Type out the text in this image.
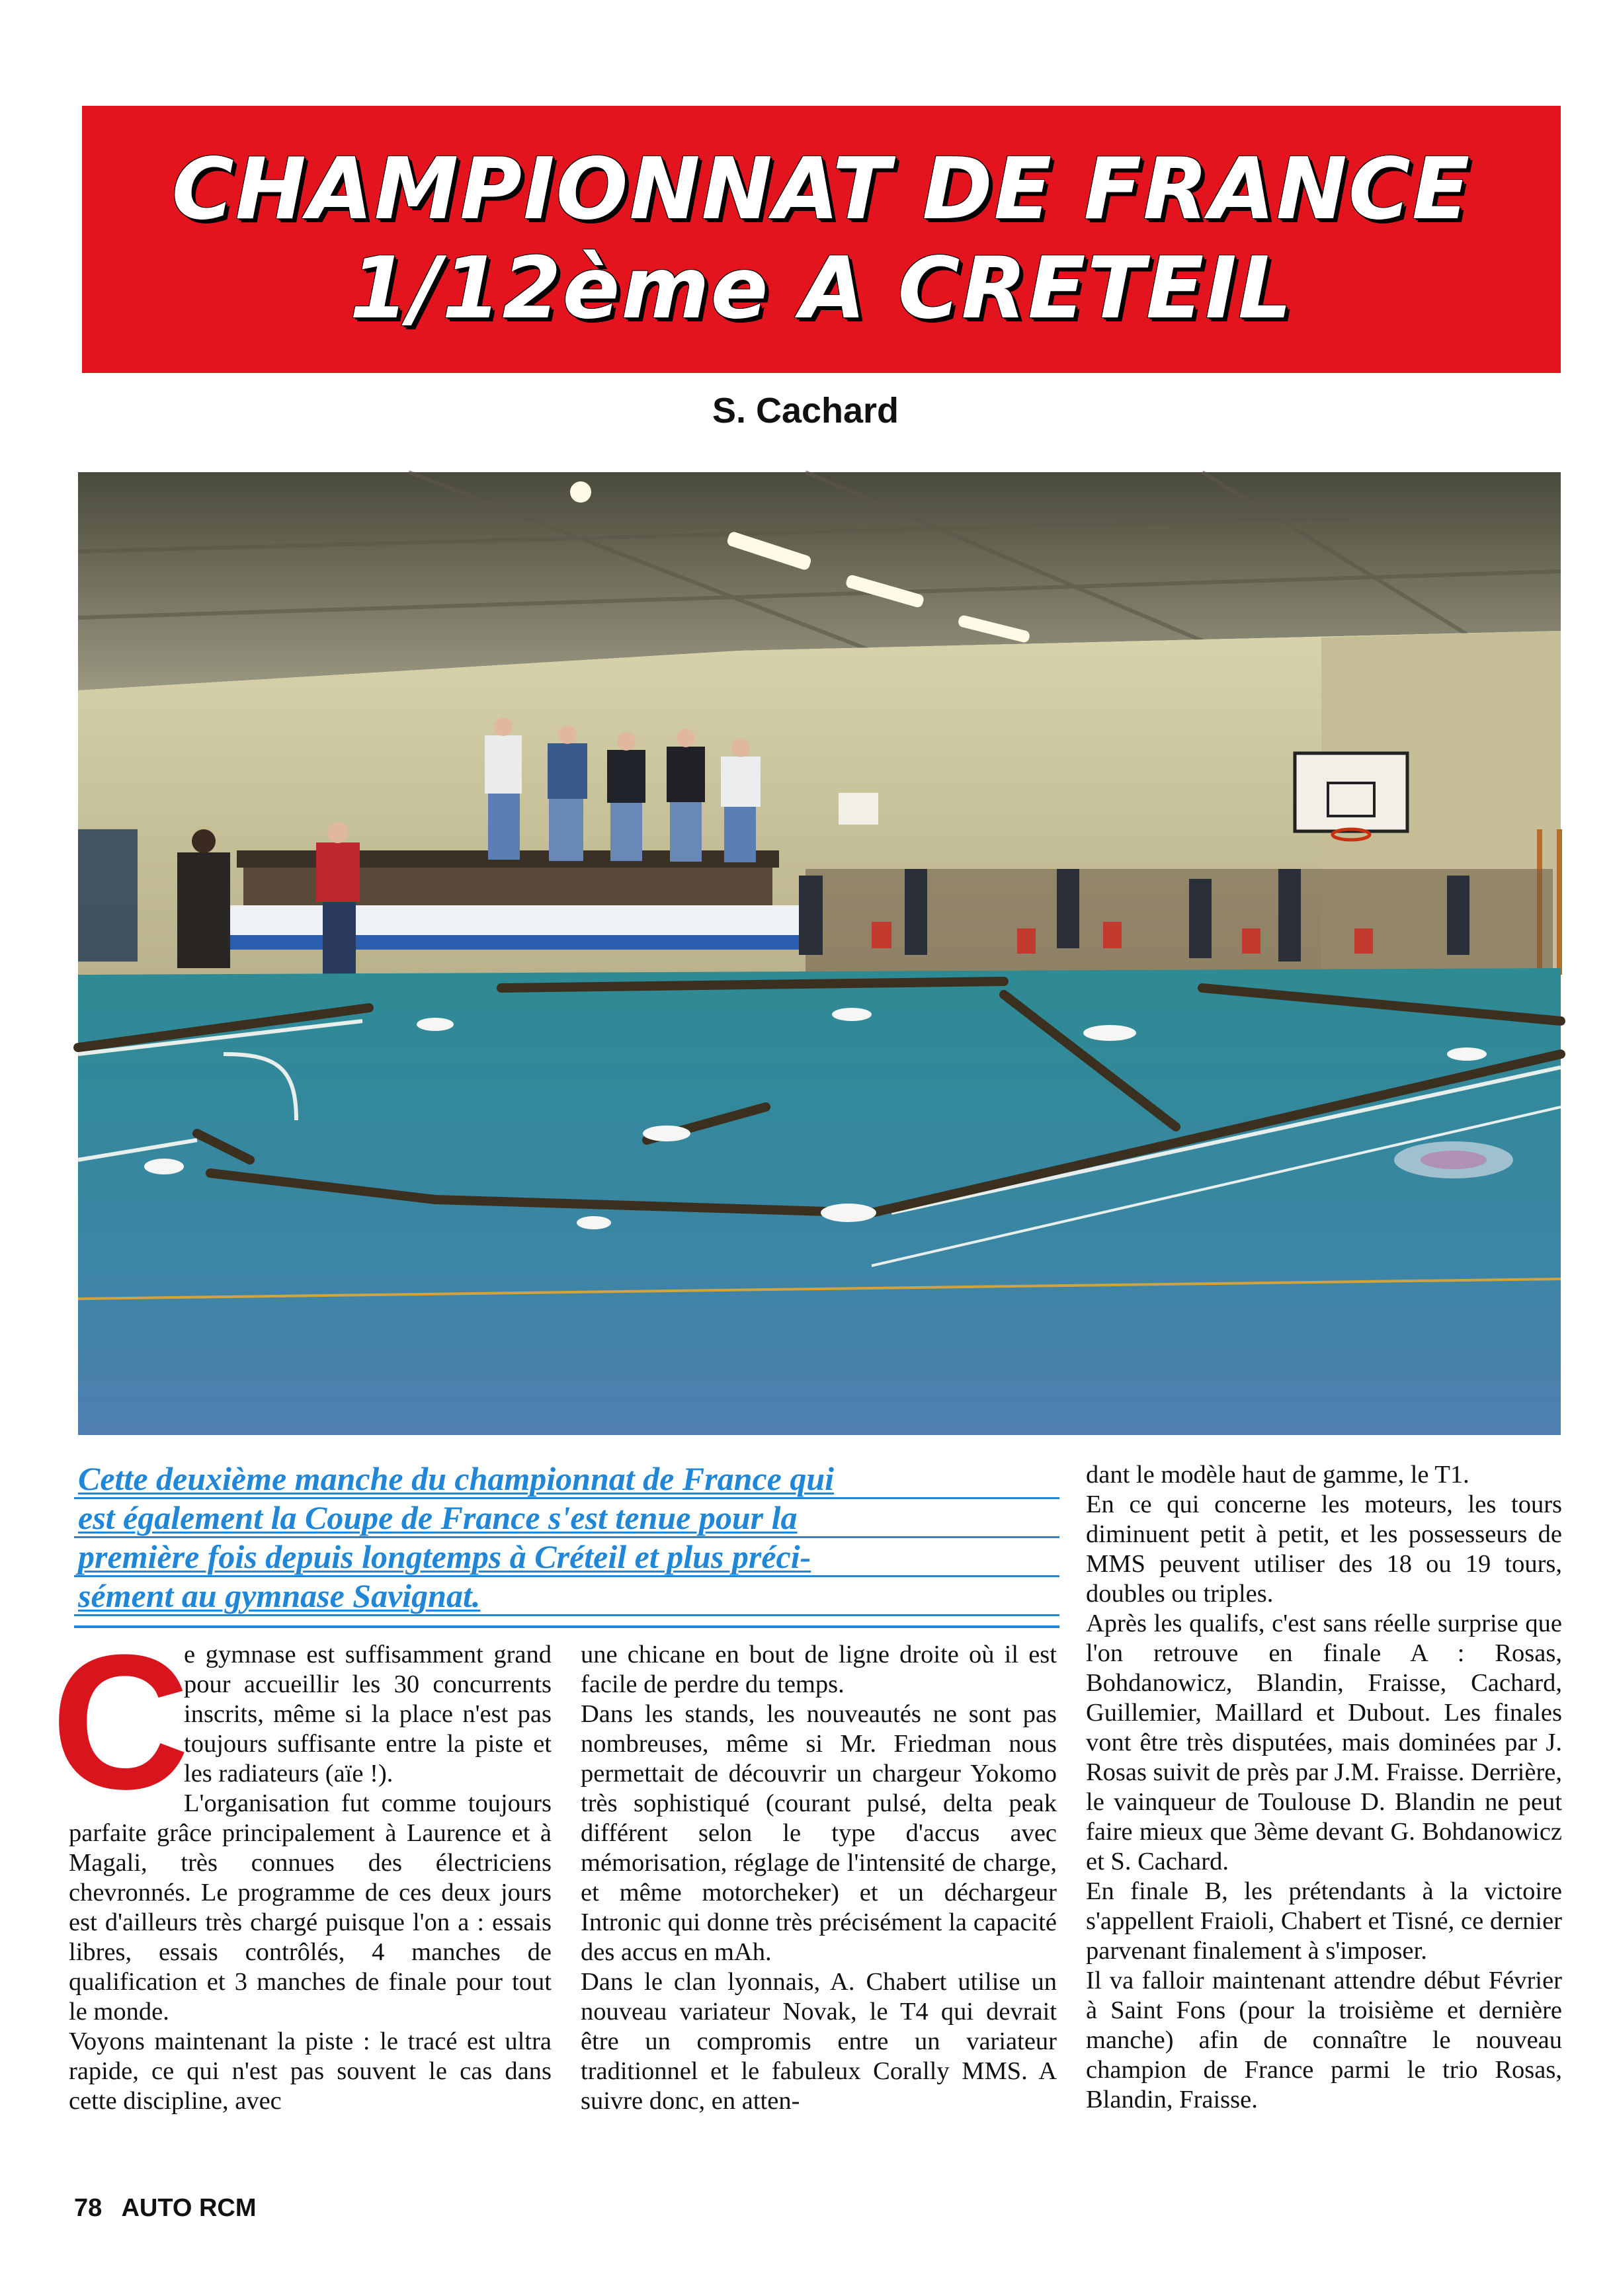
CHAMPIONNAT DE FRANCE
1/12ème A CRETEIL
S. Cachard
Cette deuxième manche du championnat de France qui
est également la Coupe de France s'est tenue pour la
première fois depuis longtemps à Créteil et plus préci-
sément au gymnase Savignat.
C

e gymnase est suffisamment grand pour accueillir les 30 concurrents inscrits, même si la place n'est pas toujours suffisante entre la piste et les radiateurs (aïe !).

L'organisation fut comme toujours parfaite grâce principalement à Laurence et à Magali, très connues des électriciens chevronnés. Le programme de ces deux jours est d'ailleurs très chargé puisque l'on a : essais libres, essais contrôlés, 4 manches de qualification et 3 manches de finale pour tout le monde.

Voyons maintenant la piste : le tracé est ultra rapide, ce qui n'est pas souvent le cas dans cette discipline, avec

une chicane en bout de ligne droite où il est facile de perdre du temps.

Dans les stands, les nouveautés ne sont pas nombreuses, même si Mr. Friedman nous permettait de découvrir un chargeur Yokomo très sophistiqué (courant pulsé, delta peak différent selon le type d'accus avec mémorisation, réglage de l'intensité de charge, et même motorcheker) et un déchargeur Intronic qui donne très précisément la capacité des accus en mAh.

Dans le clan lyonnais, A. Chabert utilise un nouveau variateur Novak, le T4 qui devrait être un compromis entre un variateur traditionnel et le fabuleux Corally MMS. A suivre donc, en atten-

dant le modèle haut de gamme, le T1.

En ce qui concerne les moteurs, les tours diminuent petit à petit, et les possesseurs de MMS peuvent utiliser des 18 ou 19 tours, doubles ou triples.

Après les qualifs, c'est sans réelle surprise que l'on retrouve en finale A : Rosas, Bohdanowicz, Blandin, Fraisse, Cachard, Guillemier, Maillard et Dubout. Les finales vont être très disputées, mais dominées par J. Rosas suivit de près par J.M. Fraisse. Derrière, le vainqueur de Toulouse D. Blandin ne peut faire mieux que 3ème devant G. Bohdanowicz et S. Cachard.

En finale B, les prétendants à la victoire s'appellent Fraioli, Chabert et Tisné, ce dernier parvenant finalement à s'imposer.

Il va falloir maintenant attendre début Février à Saint Fons (pour la troisième et dernière manche) afin de connaître le nouveau champion de France parmi le trio Rosas, Blandin, Fraisse.

78 AUTO RCM
